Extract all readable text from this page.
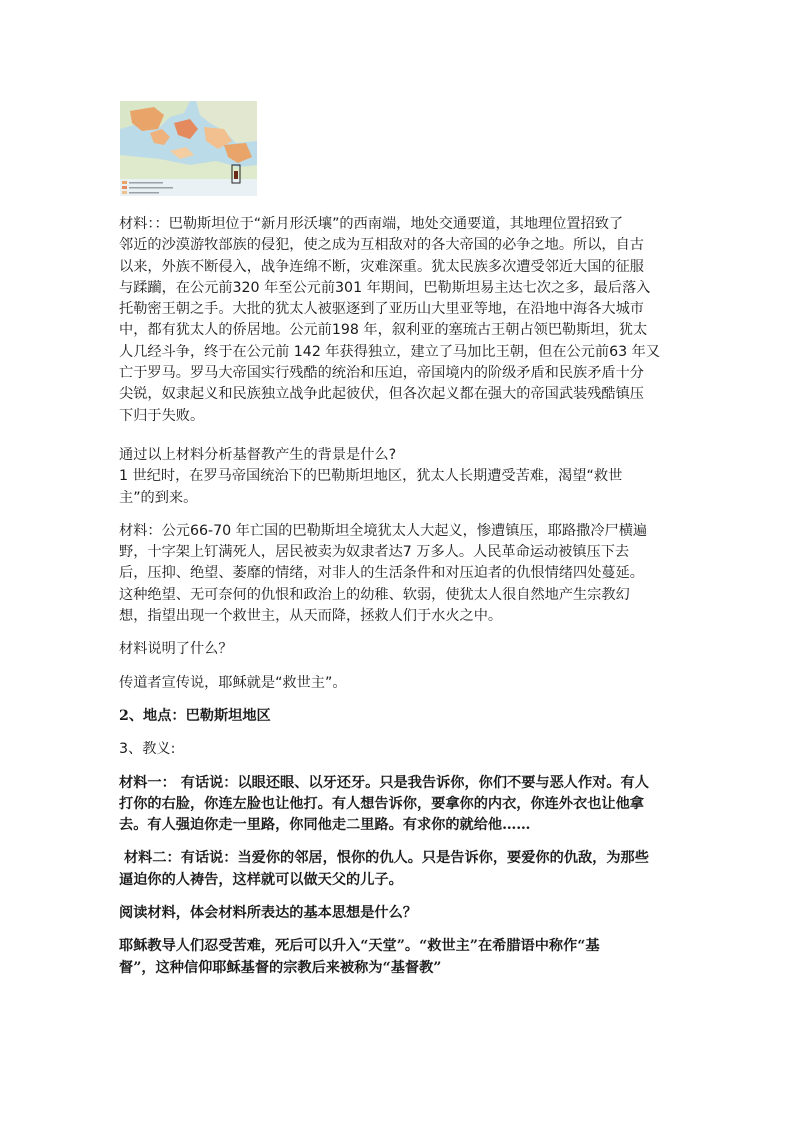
材料：：巴勒斯坦位于“新月形沃壤”的西南端，地处交通要道，其地理位置招致了
邻近的沙漠游牧部族的侵犯，使之成为互相敌对的各大帝国的必争之地。所以，自古
以来，外族不断侵入，战争连绵不断，灾难深重。犹太民族多次遭受邻近大国的征服
与蹂躏，在公元前320 年至公元前301 年期间，巴勒斯坦易主达七次之多，最后落入
托勒密王朝之手。大批的犹太人被驱逐到了亚历山大里亚等地，在沿地中海各大城市
中，都有犹太人的侨居地。公元前198 年，叙利亚的塞琉古王朝占领巴勒斯坦，犹太
人几经斗争，终于在公元前 142 年获得独立，建立了马加比王朝，但在公元前63 年又
亡于罗马。罗马大帝国实行残酷的统治和压迫，帝国境内的阶级矛盾和民族矛盾十分
尖锐，奴隶起义和民族独立战争此起彼伏，但各次起义都在强大的帝国武装残酷镇压
下归于失败。

通过以上材料分析基督教产生的背景是什么?

1 世纪时，在罗马帝国统治下的巴勒斯坦地区，犹太人长期遭受苦难，渴望“救世
主”的到来。

材料：公元66-70 年亡国的巴勒斯坦全境犹太人大起义，惨遭镇压，耶路撒冷尸横遍
野，十字架上钉满死人，居民被卖为奴隶者达7 万多人。人民革命运动被镇压下去
后，压抑、绝望、萎靡的情绪，对非人的生活条件和对压迫者的仇恨情绪四处蔓延。
这种绝望、无可奈何的仇恨和政治上的幼稚、软弱，使犹太人很自然地产生宗教幻
想，指望出现一个救世主，从天而降，拯救人们于水火之中。

材料说明了什么？

传道者宣传说，耶稣就是“救世主”。

2、地点：巴勒斯坦地区

3、教义:

材料一： 有话说：以眼还眼、以牙还牙。只是我告诉你，你们不要与恶人作对。有人
打你的右脸，你连左脸也让他打。有人想告诉你，要拿你的内衣，你连外衣也让他拿
去。有人强迫你走一里路，你同他走二里路。有求你的就给他……

材料二：有话说：当爱你的邻居，恨你的仇人。只是告诉你，要爱你的仇敌，为那些
逼迫你的人祷告，这样就可以做天父的儿子。

阅读材料，体会材料所表达的基本思想是什么？

耶稣教导人们忍受苦难，死后可以升入“天堂”。“救世主”在希腊语中称作“基
督”，这种信仰耶稣基督的宗教后来被称为“基督教”
